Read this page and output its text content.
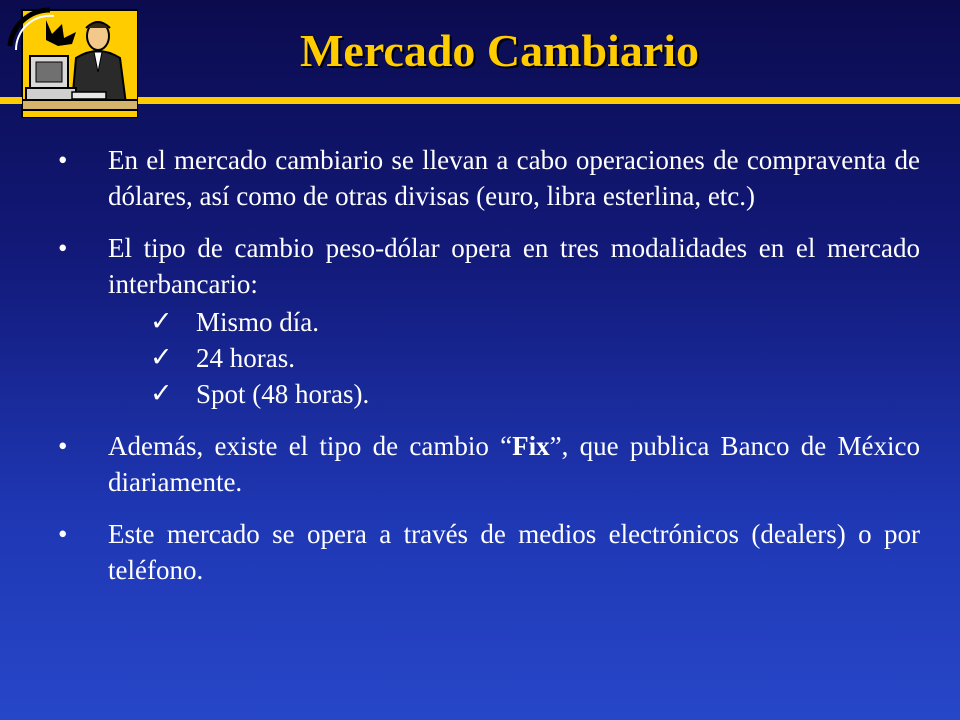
Mercado Cambiario
• En el mercado cambiario se llevan a cabo operaciones de compraventa de dólares, así como de otras divisas (euro, libra esterlina, etc.)
• El tipo de cambio peso-dólar opera en tres modalidades en el mercado interbancario:
✓ Mismo día.
✓ 24 horas.
✓ Spot (48 horas).
• Además, existe el tipo de cambio “Fix”, que publica Banco de México diariamente.
• Este mercado se opera a través de medios electrónicos (dealers) o por teléfono.
